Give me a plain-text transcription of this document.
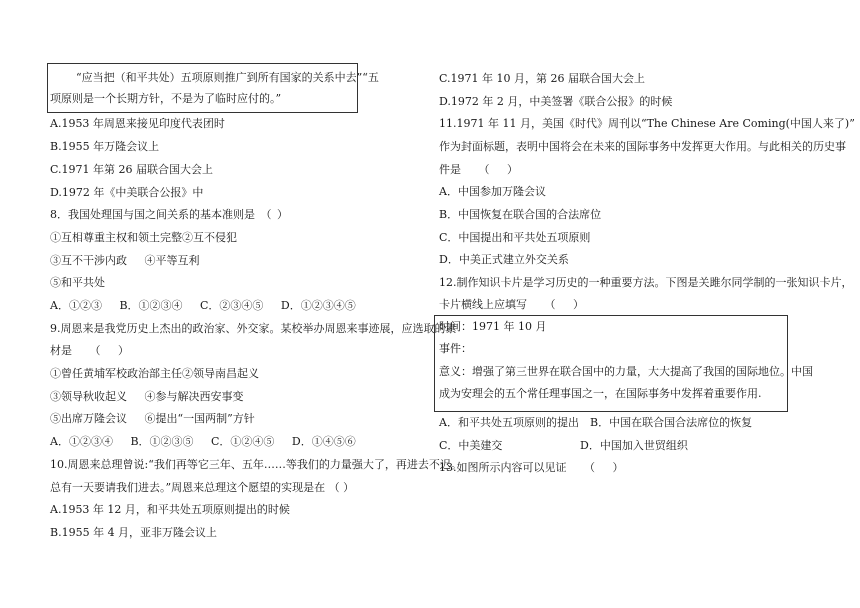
“应当把（和平共处）五项原则推广到所有国家的关系中去”“五
项原则是一个长期方针，不是为了临时应付的。”
A.1953 年周恩来接见印度代表团时
B.1955 年万隆会议上
C.1971 年第 26 届联合国大会上
D.1972 年《中美联合公报》中
8．我国处理国与国之间关系的基本准则是 （ ）
①互相尊重主权和领土完整②互不侵犯
③互不干涉内政 ④平等互利
⑤和平共处
A．①②③ B．①②③④ C．②③④⑤ D．①②③④⑤
9.周恩来是我党历史上杰出的政治家、外交家。某校举办周恩来事迹展，应选取的素
材是 （ ）
①曾任黄埔军校政治部主任②领导南昌起义
③领导秋收起义 ④参与解决西安事变
⑤出席万隆会议 ⑥提出“一国两制”方针
A．①②③④ B．①②③⑤ C．①②④⑤ D．①④⑤⑥
10.周恩来总理曾说:“我们再等它三年、五年……等我们的力量强大了，再进去不迟。
总有一天要请我们进去。”周恩来总理这个愿望的实现是在 （ ）
A.1953 年 12 月，和平共处五项原则提出的时候
B.1955 年 4 月，亚非万隆会议上
C.1971 年 10 月，第 26 届联合国大会上
D.1972 年 2 月，中美签署《联合公报》的时候
11.1971 年 11 月，美国《时代》周刊以“The Chinese Are Coming(中国人来了)”
作为封面标题，表明中国将会在未来的国际事务中发挥更大作用。与此相关的历史事
件是 （ ）
A．中国参加万隆会议
B．中国恢复在联合国的合法席位
C．中国提出和平共处五项原则
D．中美正式建立外交关系
12.制作知识卡片是学习历史的一种重要方法。下图是关雎尔同学制的一张知识卡片，
卡片横线上应填写 （ ）
时间：1971 年 10 月
事件：
意义：增强了第三世界在联合国中的力量，大大提高了我国的国际地位。中国
成为安理会的五个常任理事国之一，在国际事务中发挥着重要作用.
A．和平共处五项原则的提出 B．中国在联合国合法席位的恢复
C．中美建交	D．中国加入世贸组织
13.如图所示内容可以见证 （ ）
